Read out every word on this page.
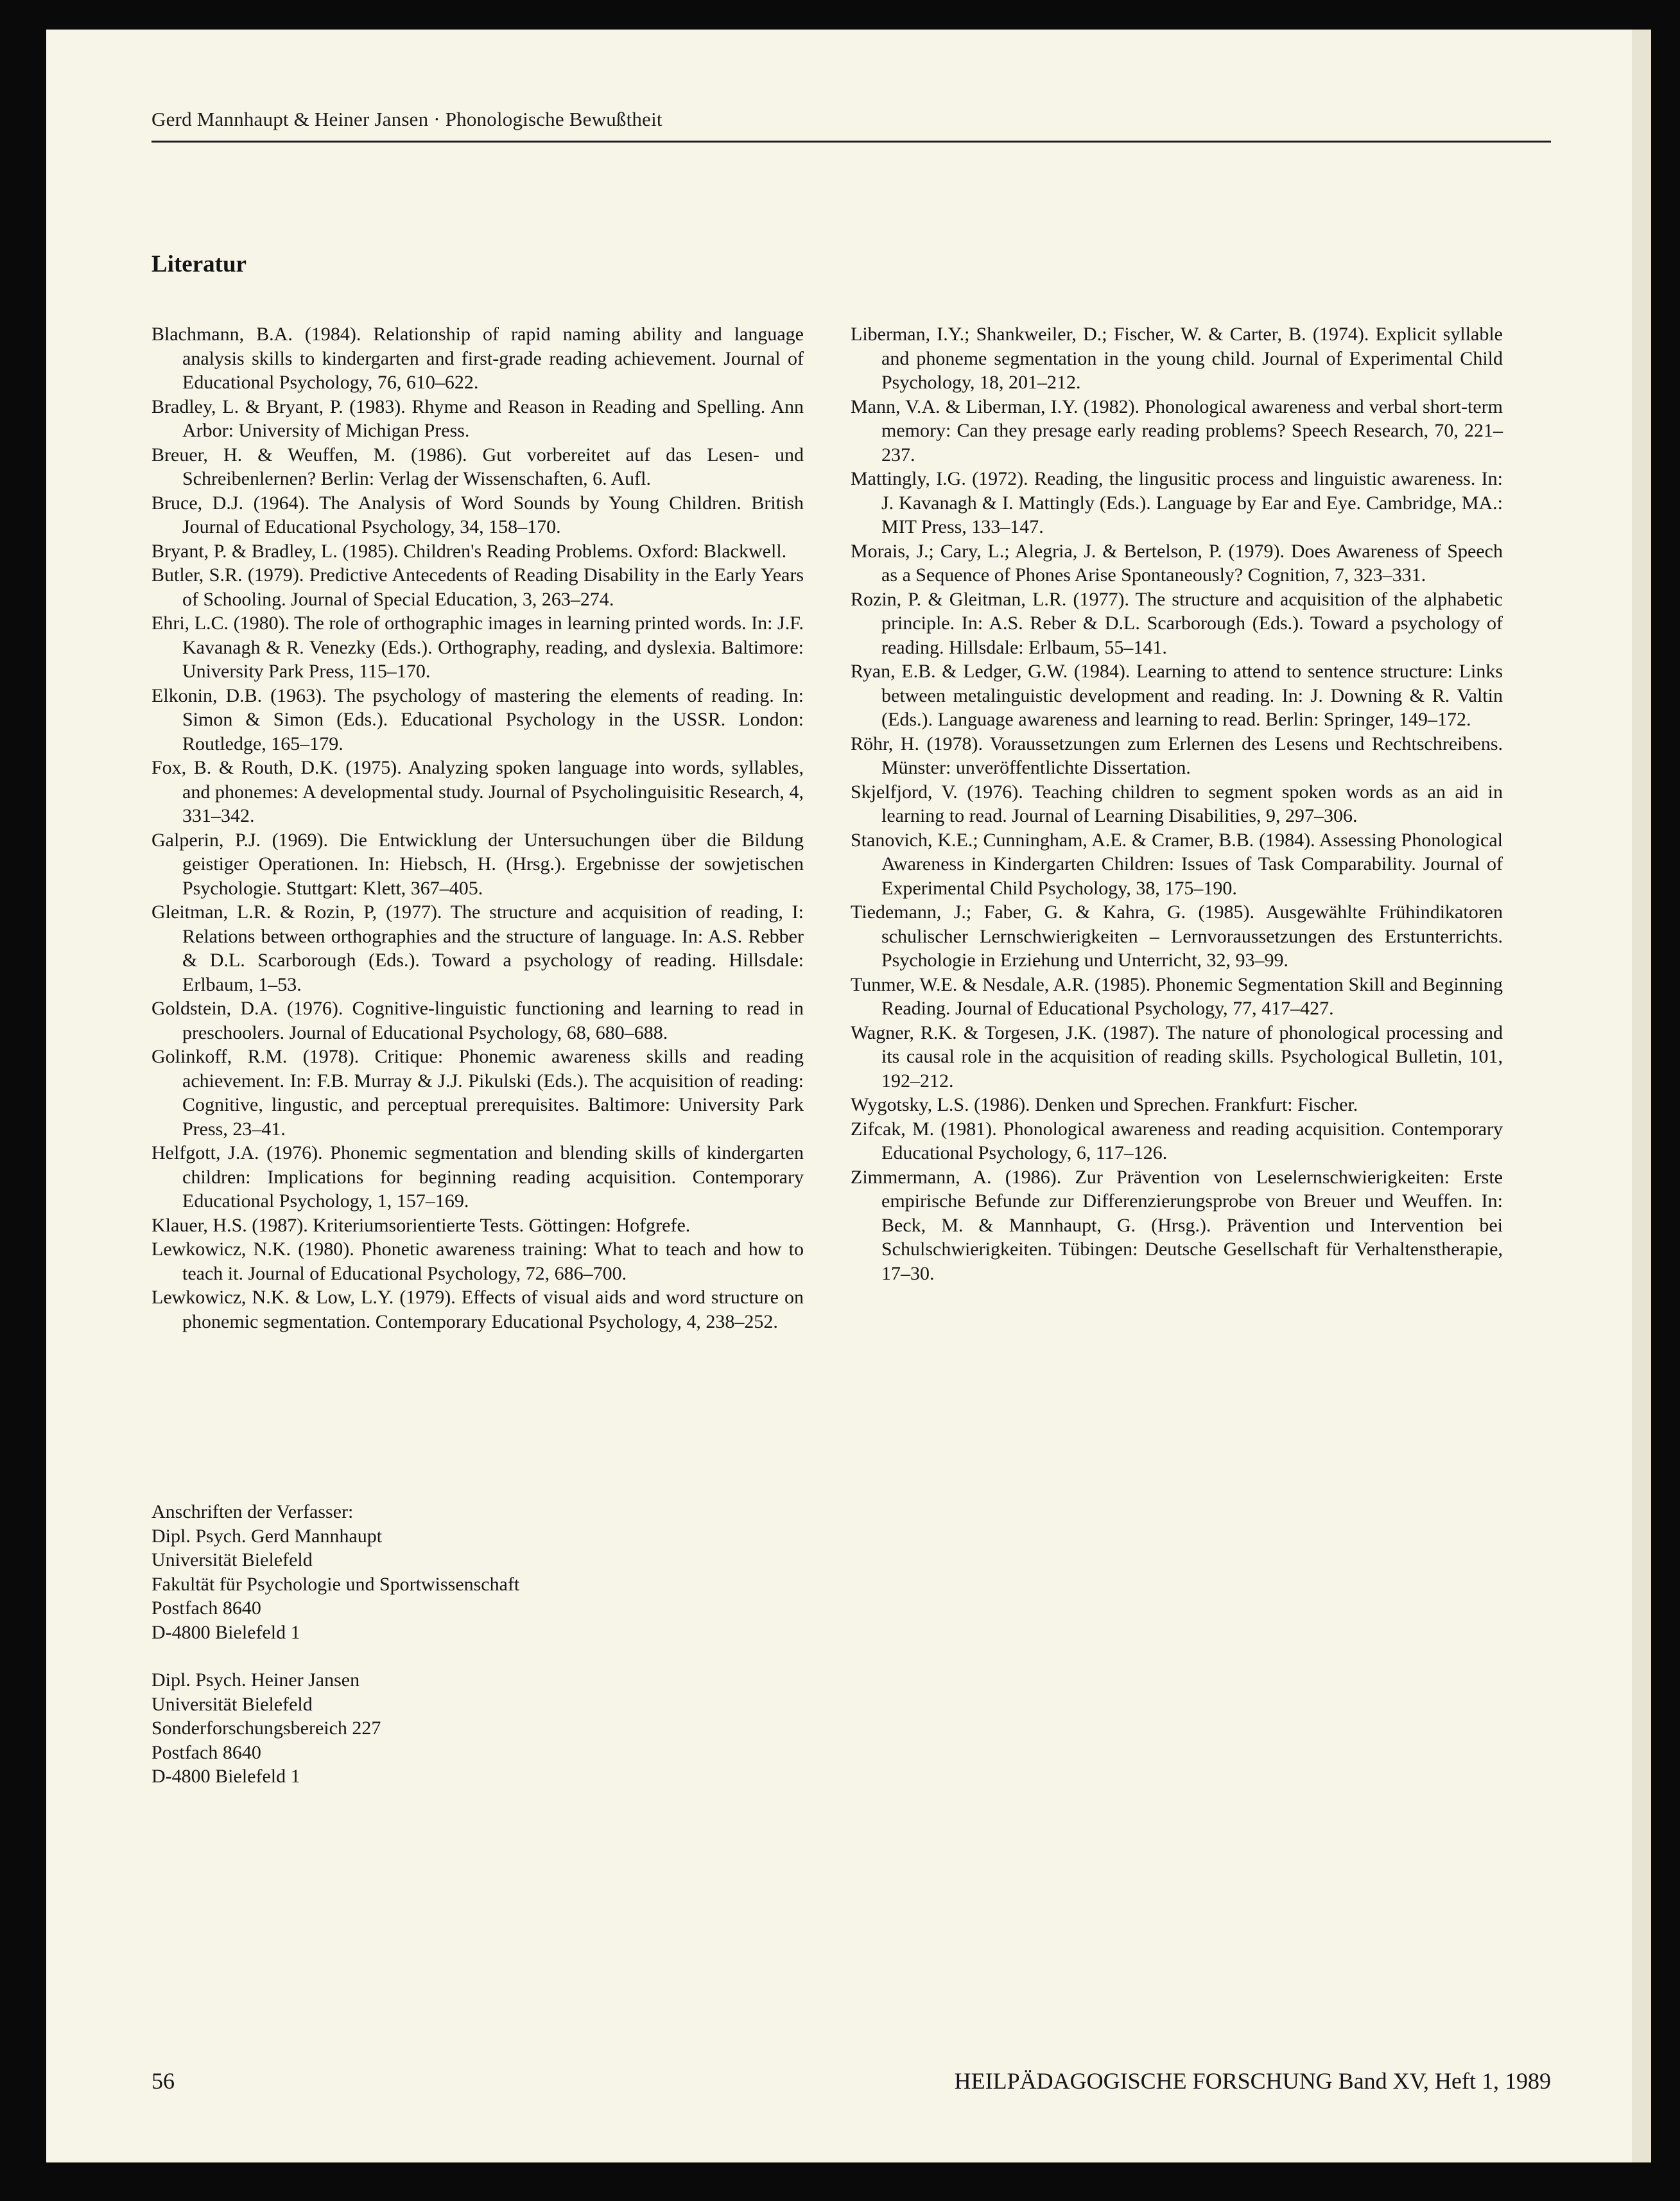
Gerd Mannhaupt & Heiner Jansen · Phonologische Bewußtheit
Literatur

Blachmann, B.A. (1984). Relationship of rapid naming ability and language analysis skills to kindergarten and first-grade reading achievement. Journal of Educational Psychology, 76, 610–622.

Bradley, L. & Bryant, P. (1983). Rhyme and Reason in Reading and Spelling. Ann Arbor: University of Michigan Press.

Breuer, H. & Weuffen, M. (1986). Gut vorbereitet auf das Lesen- und Schreibenlernen? Berlin: Verlag der Wissenschaften, 6. Aufl.

Bruce, D.J. (1964). The Analysis of Word Sounds by Young Children. British Journal of Educational Psychology, 34, 158–170.

Bryant, P. & Bradley, L. (1985). Children's Reading Problems. Oxford: Blackwell.

Butler, S.R. (1979). Predictive Antecedents of Reading Disability in the Early Years of Schooling. Journal of Special Education, 3, 263–274.

Ehri, L.C. (1980). The role of orthographic images in learning printed words. In: J.F. Kavanagh & R. Venezky (Eds.). Orthography, reading, and dyslexia. Baltimore: University Park Press, 115–170.

Elkonin, D.B. (1963). The psychology of mastering the elements of reading. In: Simon & Simon (Eds.). Educational Psychology in the USSR. London: Routledge, 165–179.

Fox, B. & Routh, D.K. (1975). Analyzing spoken language into words, syllables, and phonemes: A developmental study. Journal of Psycholinguisitic Research, 4, 331–342.

Galperin, P.J. (1969). Die Entwicklung der Untersuchungen über die Bildung geistiger Operationen. In: Hiebsch, H. (Hrsg.). Ergebnisse der sowjetischen Psychologie. Stuttgart: Klett, 367–405.

Gleitman, L.R. & Rozin, P, (1977). The structure and acquisition of reading, I: Relations between orthographies and the structure of language. In: A.S. Rebber & D.L. Scarborough (Eds.). Toward a psychology of reading. Hillsdale: Erlbaum, 1–53.

Goldstein, D.A. (1976). Cognitive-linguistic functioning and learning to read in preschoolers. Journal of Educational Psychology, 68, 680–688.

Golinkoff, R.M. (1978). Critique: Phonemic awareness skills and reading achievement. In: F.B. Murray & J.J. Pikulski (Eds.). The acquisition of reading: Cognitive, lingustic, and perceptual prerequisites. Baltimore: University Park Press, 23–41.

Helfgott, J.A. (1976). Phonemic segmentation and blending skills of kindergarten children: Implications for beginning reading acquisition. Contemporary Educational Psychology, 1, 157–169.

Klauer, H.S. (1987). Kriteriumsorientierte Tests. Göttingen: Hofgrefe.

Lewkowicz, N.K. (1980). Phonetic awareness training: What to teach and how to teach it. Journal of Educational Psychology, 72, 686–700.

Lewkowicz, N.K. & Low, L.Y. (1979). Effects of visual aids and word structure on phonemic segmentation. Contemporary Educational Psychology, 4, 238–252.

Liberman, I.Y.; Shankweiler, D.; Fischer, W. & Carter, B. (1974). Explicit syllable and phoneme segmentation in the young child. Journal of Experimental Child Psychology, 18, 201–212.

Mann, V.A. & Liberman, I.Y. (1982). Phonological awareness and verbal short-term memory: Can they presage early reading problems? Speech Research, 70, 221–237.

Mattingly, I.G. (1972). Reading, the lingusitic process and linguistic awareness. In: J. Kavanagh & I. Mattingly (Eds.). Language by Ear and Eye. Cambridge, MA.: MIT Press, 133–147.

Morais, J.; Cary, L.; Alegria, J. & Bertelson, P. (1979). Does Awareness of Speech as a Sequence of Phones Arise Spontaneously? Cognition, 7, 323–331.

Rozin, P. & Gleitman, L.R. (1977). The structure and acquisition of the alphabetic principle. In: A.S. Reber & D.L. Scarborough (Eds.). Toward a psychology of reading. Hillsdale: Erlbaum, 55–141.

Ryan, E.B. & Ledger, G.W. (1984). Learning to attend to sentence structure: Links between metalinguistic development and reading. In: J. Downing & R. Valtin (Eds.). Language awareness and learning to read. Berlin: Springer, 149–172.

Röhr, H. (1978). Voraussetzungen zum Erlernen des Lesens und Rechtschreibens. Münster: unveröffentlichte Dissertation.

Skjelfjord, V. (1976). Teaching children to segment spoken words as an aid in learning to read. Journal of Learning Disabilities, 9, 297–306.

Stanovich, K.E.; Cunningham, A.E. & Cramer, B.B. (1984). Assessing Phonological Awareness in Kindergarten Children: Issues of Task Comparability. Journal of Experimental Child Psychology, 38, 175–190.

Tiedemann, J.; Faber, G. & Kahra, G. (1985). Ausgewählte Frühindikatoren schulischer Lernschwierigkeiten – Lernvoraussetzungen des Erstunterrichts. Psychologie in Erziehung und Unterricht, 32, 93–99.

Tunmer, W.E. & Nesdale, A.R. (1985). Phonemic Segmentation Skill and Beginning Reading. Journal of Educational Psychology, 77, 417–427.

Wagner, R.K. & Torgesen, J.K. (1987). The nature of phonological processing and its causal role in the acquisition of reading skills. Psychological Bulletin, 101, 192–212.

Wygotsky, L.S. (1986). Denken und Sprechen. Frankfurt: Fischer.

Zifcak, M. (1981). Phonological awareness and reading acquisition. Contemporary Educational Psychology, 6, 117–126.

Zimmermann, A. (1986). Zur Prävention von Leselernschwierigkeiten: Erste empirische Befunde zur Differenzierungsprobe von Breuer und Weuffen. In: Beck, M. & Mannhaupt, G. (Hrsg.). Prävention und Intervention bei Schulschwierigkeiten. Tübingen: Deutsche Gesellschaft für Verhaltenstherapie, 17–30.

Anschriften der Verfasser:
Dipl. Psych. Gerd Mannhaupt
Universität Bielefeld
Fakultät für Psychologie und Sportwissenschaft
Postfach 8640
D-4800 Bielefeld 1
Dipl. Psych. Heiner Jansen
Universität Bielefeld
Sonderforschungsbereich 227
Postfach 8640
D-4800 Bielefeld 1
56	HEILPÄDAGOGISCHE FORSCHUNG Band XV, Heft 1, 1989
